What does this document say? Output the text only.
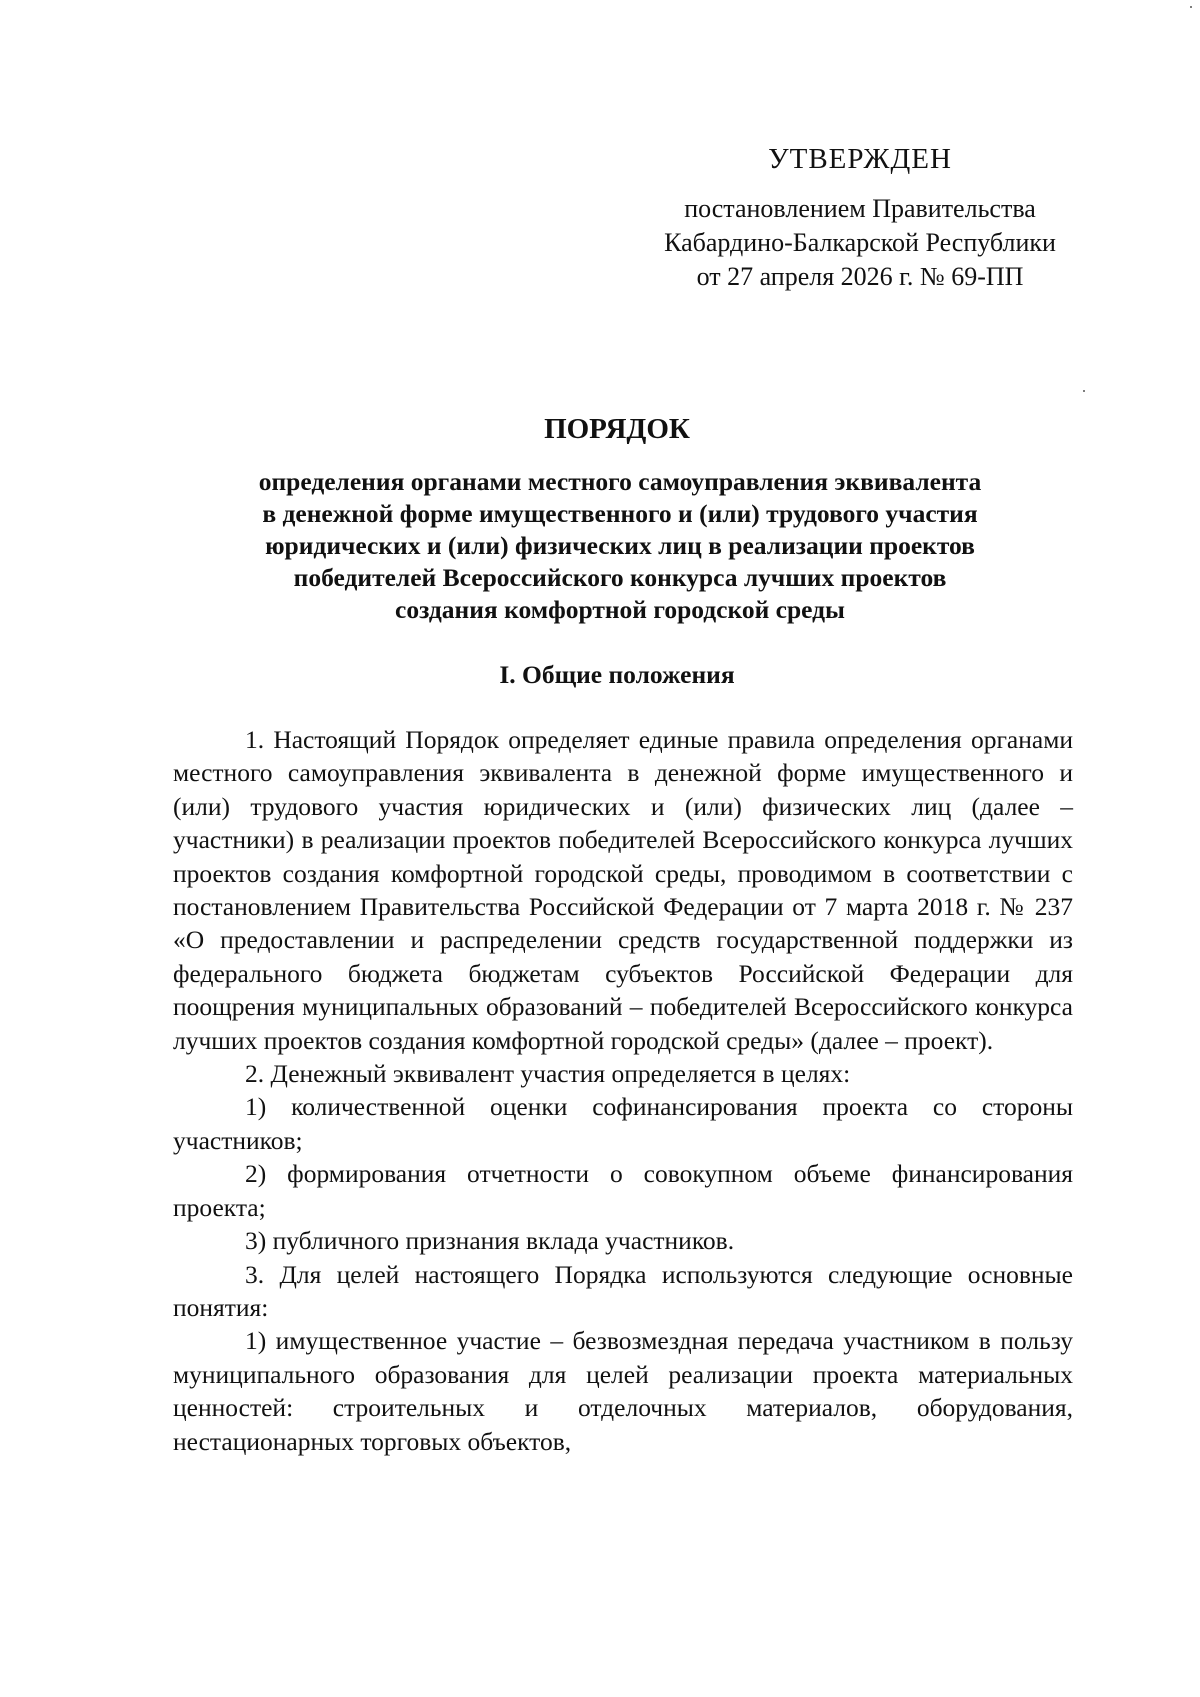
УТВЕРЖДЕН
постановлением Правительства
Кабардино-Балкарской Республики
от 27 апреля 2026 г. № 69-ПП
ПОРЯДОК
определения органами местного самоуправления эквивалента
в денежной форме имущественного и (или) трудового участия
юридических и (или) физических лиц в реализации проектов
победителей Всероссийского конкурса лучших проектов
создания комфортной городской среды
I. Общие положения

1. Настоящий Порядок определяет единые правила определения органами местного самоуправления эквивалента в денежной форме имущественного и (или) трудового участия юридических и (или) физических лиц (далее – участники) в реализации проектов победителей Всероссийского конкурса лучших проектов создания комфортной городской среды, проводимом в соответствии с постановлением Правительства Российской Федерации от 7 марта 2018 г. № 237 «О предоставлении и распределении средств государственной поддержки из федерального бюджета бюджетам субъектов Российской Федерации для поощрения муниципальных образований – победителей Всероссийского конкурса лучших проектов создания комфортной городской среды» (далее – проект).

2. Денежный эквивалент участия определяется в целях:

1) количественной оценки софинансирования проекта со стороны участников;

2) формирования отчетности о совокупном объеме финансирования проекта;

3) публичного признания вклада участников.

3. Для целей настоящего Порядка используются следующие основные понятия:

1) имущественное участие – безвозмездная передача участником в пользу муниципального образования для целей реализации проекта материальных ценностей: строительных и отделочных материалов, оборудования, нестационарных торговых объектов,
